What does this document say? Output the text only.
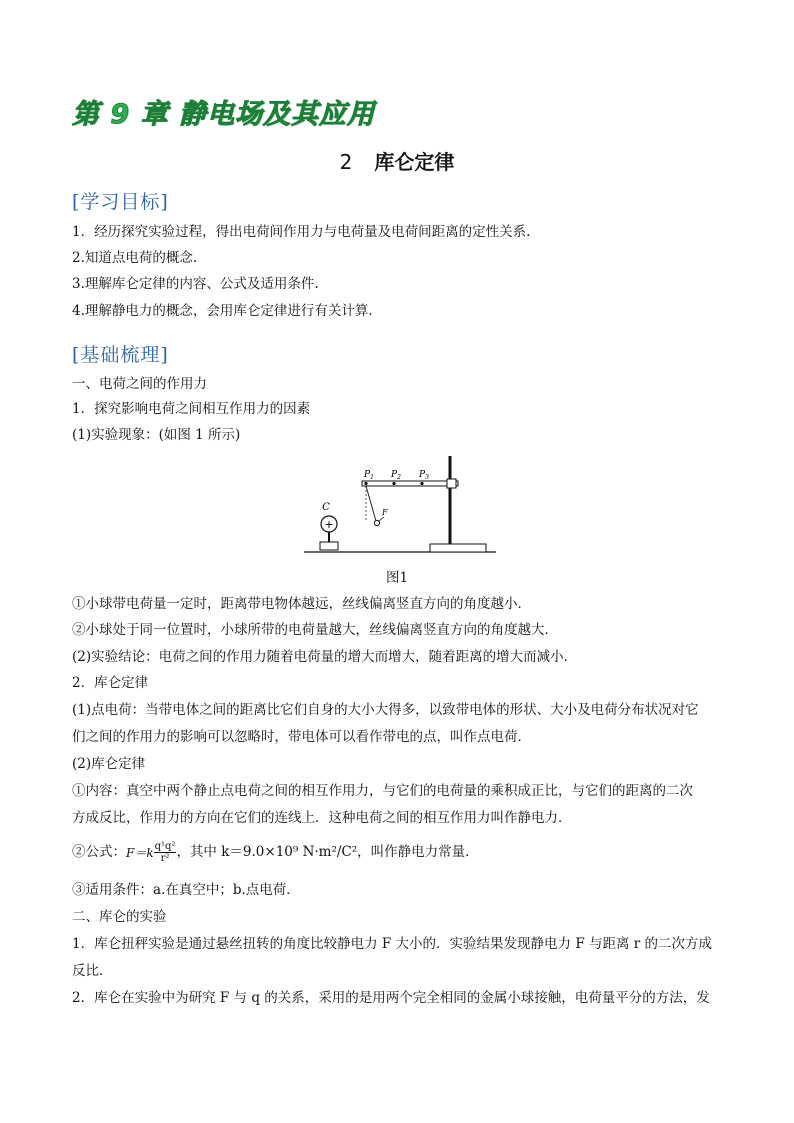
第 9 章 静电场及其应用
2 库仑定律
[学习目标]
1．经历探究实验过程，得出电荷间作用力与电荷量及电荷间距离的定性关系.
2.知道点电荷的概念.
3.理解库仑定律的内容、公式及适用条件.
4.理解静电力的概念，会用库仑定律进行有关计算．
[基础梳理]
一、电荷之间的作用力
1．探究影响电荷之间相互作用力的因素
(1)实验现象：(如图 1 所示)
+
C
$P_1$ $P_2$ $P_3$
F
图1
①小球带电荷量一定时，距离带电物体越远，丝线偏离竖直方向的角度越小．
②小球处于同一位置时，小球所带的电荷量越大，丝线偏离竖直方向的角度越大．
(2)实验结论：电荷之间的作用力随着电荷量的增大而增大，随着距离的增大而减小．
2．库仑定律
(1)点电荷：当带电体之间的距离比它们自身的大小大得多，以致带电体的形状、大小及电荷分布状况对它
们之间的作用力的影响可以忽略时，带电体可以看作带电的点，叫作点电荷．
(2)库仑定律
①内容：真空中两个静止点电荷之间的相互作用力，与它们的电荷量的乘积成正比，与它们的距离的二次
方成反比，作用力的方向在它们的连线上．这种电荷之间的相互作用力叫作静电力．
②公式：$F=k \frac{\text{q¹q²}}{\text{r²}}$ ，其中 k＝9.0×10⁹ N·m²/C²，叫作静电力常量．
③适用条件：a.在真空中；b.点电荷．
二、库仑的实验
1．库仑扭秤实验是通过悬丝扭转的角度比较静电力 F 大小的．实验结果发现静电力 F 与距离 r 的二次方成
反比．
2．库仑在实验中为研究 F 与 q 的关系，采用的是用两个完全相同的金属小球接触，电荷量平分的方法，发
